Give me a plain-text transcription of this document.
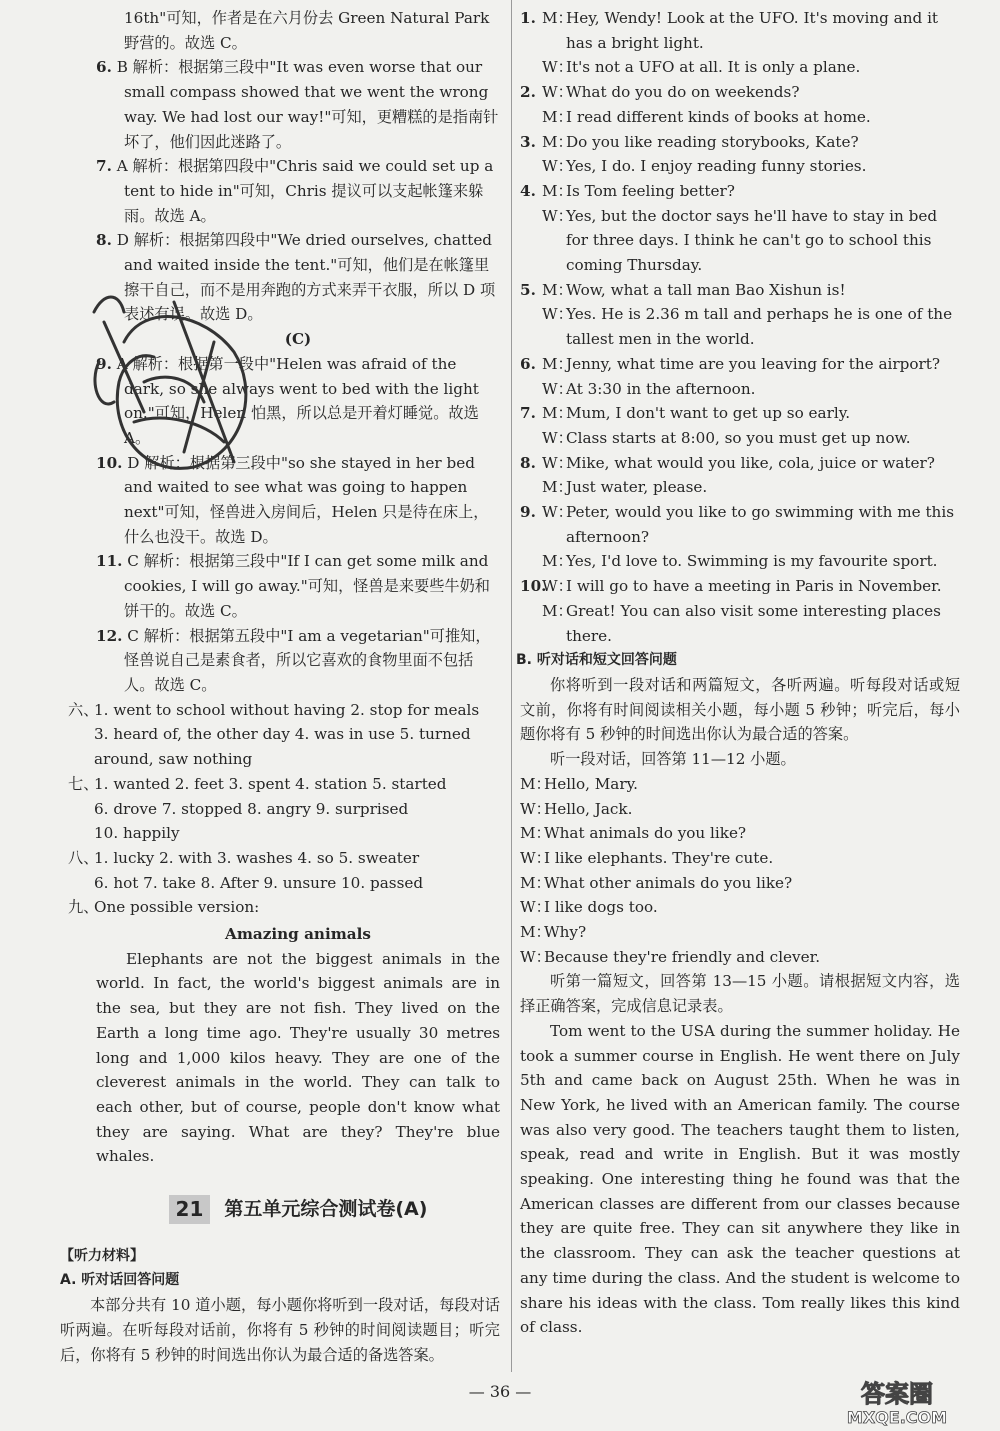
16th"可知，作者是在六月份去 Green Natural Park

野营的。故选 C。

6. B 解析：根据第三段中"It was even worse that our small compass showed that we went the wrong way. We had lost our way!"可知，更糟糕的是指南针坏了，他们因此迷路了。

7. A 解析：根据第四段中"Chris said we could set up a tent to hide in"可知，Chris 提议可以支起帐篷来躲雨。故选 A。

8. D 解析：根据第四段中"We dried ourselves, chatted and waited inside the tent."可知，他们是在帐篷里擦干自己，而不是用奔跑的方式来弄干衣服，所以 D 项表述有误。故选 D。

(C)

9. A 解析：根据第一段中"Helen was afraid of the dark, so she always went to bed with the light on."可知，Helen 怕黑，所以总是开着灯睡觉。故选 A。

10. D 解析：根据第三段中"so she stayed in her bed and waited to see what was going to happen next"可知，怪兽进入房间后，Helen 只是待在床上，什么也没干。故选 D。

11. C 解析：根据第三段中"If I can get some milk and cookies, I will go away."可知，怪兽是来要些牛奶和饼干的。故选 C。

12. C 解析：根据第五段中"I am a vegetarian"可推知，怪兽说自己是素食者，所以它喜欢的食物里面不包括人。故选 C。

六、

1. went to school without having 2. stop for meals

3. heard of, the other day 4. was in use 5. turned

around, saw nothing

七、

1. wanted 2. feet 3. spent 4. station 5. started

6. drove 7. stopped 8. angry 9. surprised

10. happily

八、

1. lucky 2. with 3. washes 4. so 5. sweater

6. hot 7. take 8. After 9. unsure 10. passed

九、

One possible version:

Amazing animals

Elephants are not the biggest animals in the world. In fact, the world's biggest animals are in the sea, but they are not fish. They lived on the Earth a long time ago. They're usually 30 metres long and 1,000 kilos heavy. They are one of the cleverest animals in the world. They can talk to each other, but of course, people don't know what they are saying. What are they? They're blue whales.

21	第五单元综合测试卷(A)

【听力材料】

A. 听对话回答问题

本部分共有 10 道小题，每小题你将听到一段对话，每段对话听两遍。在听每段对话前，你将有 5 秒钟的时间阅读题目；听完后，你将有 5 秒钟的时间选出你认为最合适的备选答案。

1. M：
Hey, Wendy! Look at the UFO. It's moving and it has a bright light.
W：
It's not a UFO at all. It is only a plane.
2. W：
What do you do on weekends?
M：
I read different kinds of books at home.
3. M：
Do you like reading storybooks, Kate?
W：
Yes, I do. I enjoy reading funny stories.
4. M：
Is Tom feeling better?
W：
Yes, but the doctor says he'll have to stay in bed for three days. I think he can't go to school this coming Thursday.
5. M：
Wow, what a tall man Bao Xishun is!
W：
Yes. He is 2.36 m tall and perhaps he is one of the tallest men in the world.
6. M：
Jenny, what time are you leaving for the airport?
W：
At 3:30 in the afternoon.
7. M：
Mum, I don't want to get up so early.
W：
Class starts at 8:00, so you must get up now.
8. W：
Mike, what would you like, cola, juice or water?
M：
Just water, please.
9. W：
Peter, would you like to go swimming with me this afternoon?
M：
Yes, I'd love to. Swimming is my favourite sport.
10.
W：
I will go to have a meeting in Paris in November.
M：
Great! You can also visit some interesting places there.

B. 听对话和短文回答问题

你将听到一段对话和两篇短文，各听两遍。听每段对话或短文前，你将有时间阅读相关小题，每小题 5 秒钟；听完后，每小题你将有 5 秒钟的时间选出你认为最合适的答案。

听一段对话，回答第 11—12 小题。

M：
Hello, Mary.
W：
Hello, Jack.
M：
What animals do you like?
W：
I like elephants. They're cute.
M：
What other animals do you like?
W：
I like dogs too.
M：
Why?
W：
Because they're friendly and clever.

听第一篇短文，回答第 13—15 小题。请根据短文内容，选择正确答案，完成信息记录表。

Tom went to the USA during the summer holiday. He took a summer course in English. He went there on July 5th and came back on August 25th. When he was in New York, he lived with an American family. The course was also very good. The teachers taught them to listen, speak, read and write in English. But it was mostly speaking. One interesting thing he found was that the American classes are different from our classes because they are quite free. They can sit anywhere they like in the classroom. They can ask the teacher questions at any time during the class. And the student is welcome to share his ideas with the class. Tom really likes this kind of class.

— 36 —	答案圈
MXQE.COM
